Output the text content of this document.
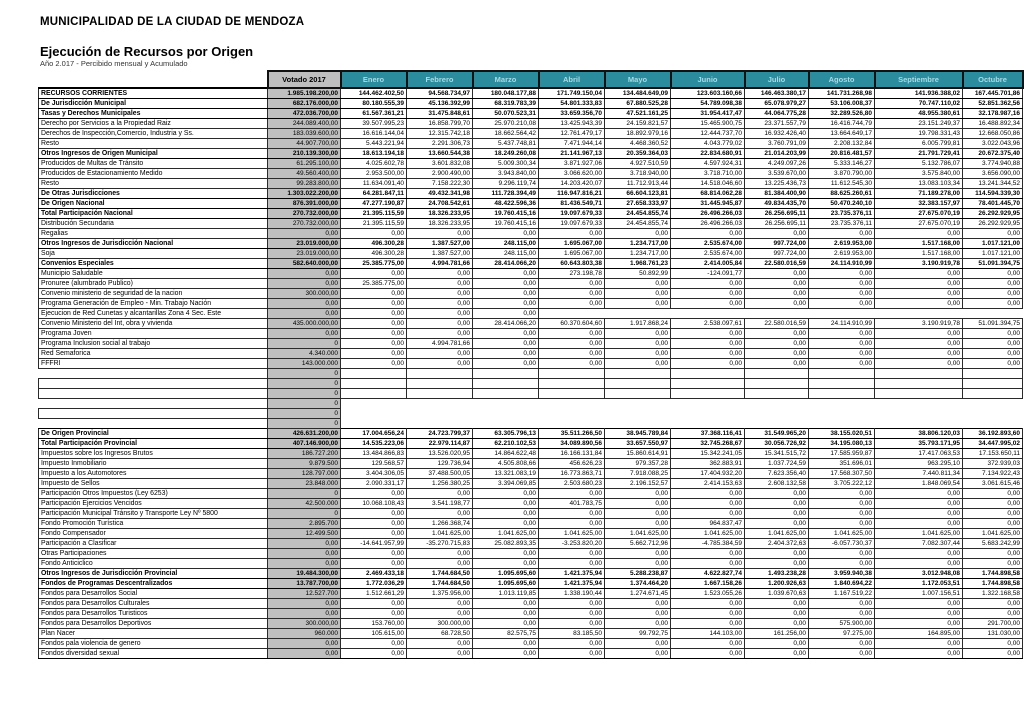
MUNICIPALIDAD DE LA CIUDAD DE MENDOZA
Ejecución de Recursos por Origen
Año 2.017 - Percibido mensual y Acumulado
	Votado 2017	Enero	Febrero	Marzo	Abril	Mayo	Junio	Julio	Agosto	Septiembre	Octubre
RECURSOS CORRIENTES	1.985.198.200,00	144.462.402,50	94.568.734,97	180.048.177,88	171.749.150,04	134.484.649,09	123.603.160,66	146.463.380,17	141.731.268,98	141.936.388,02	167.445.701,86
De Jurisdicción Municipal	682.176.000,00	80.180.555,39	45.136.392,99	68.319.783,39	54.801.333,83	67.880.525,28	54.789.098,38	65.078.979,27	53.106.008,37	70.747.110,02	52.851.362,56
Tasas y Derechos Municipales	472.036.700,00	61.567.361,21	31.475.848,61	50.070.523,31	33.659.356,70	47.521.161,25	31.954.417,47	44.064.775,28	32.289.526,80	48.955.380,61	32.178.987,16
Derecho por Servicios a la Propiedad Raiz	244.089.400,00	39.507.995,23	16.858.799,70	25.970.210,08	13.425.943,39	24.159.821,57	15.465.900,75	23.371.557,79	16.416.744,79	23.151.249,37	16.488.892,34
Derechos de Inspección,Comercio, Industria y Ss.	183.039.600,00	16.616.144,04	12.315.742,18	18.662.564,42	12.761.479,17	18.892.979,16	12.444.737,70	16.932.426,40	13.664.649,17	19.798.331,43	12.668.050,86
Resto	44.907.700,00	5.443.221,94	2.291.306,73	5.437.748,81	7.471.944,14	4.468.360,52	4.043.779,02	3.760.791,09	2.208.132,84	6.005.799,81	3.022.043,96
Otros Ingresos de Origen Municipal	210.139.300,00	18.613.194,18	13.660.544,38	18.249.260,08	21.141.967,13	20.359.364,03	22.834.680,91	21.014.203,99	20.816.481,57	21.791.729,41	20.672.375,40
Producidos de Multas de Tránsito	61.295.100,00	4.025.602,78	3.601.832,08	5.009.300,34	3.871.927,06	4.927.510,59	4.597.924,31	4.249.097,26	5.333.146,27	5.132.786,07	3.774.940,88
Producidos de Estacionamiento Medido	49.560.400,00	2.953.500,00	2.900.490,00	3.943.840,00	3.066.620,00	3.718.940,00	3.718.710,00	3.539.670,00	3.870.790,00	3.575.840,00	3.656.090,00
Resto	99.283.800,00	11.634.091,40	7.158.222,30	9.296.119,74	14.203.420,07	11.712.913,44	14.518.046,60	13.225.436,73	11.612.545,30	13.083.103,34	13.241.344,52
De Otras Jurisdicciones	1.303.022.200,00	64.281.847,11	49.432.341,98	111.728.394,49	116.947.816,21	66.604.123,81	68.814.062,28	81.384.400,90	88.625.260,61	71.189.278,00	114.594.339,30
De Origen Nacional	876.391.000,00	47.277.190,87	24.708.542,61	48.422.596,36	81.436.549,71	27.658.333,97	31.445.945,87	49.834.435,70	50.470.240,10	32.383.157,97	78.401.445,70
Total Participación Nacional	270.732.000,00	21.395.115,59	18.326.233,95	19.760.415,16	19.097.679,33	24.454.855,74	26.496.266,03	26.256.695,11	23.735.376,11	27.675.070,19	26.292.929,95
Distribución Secundaria	270.732.000,00	21.395.115,59	18.326.233,95	19.760.415,16	19.097.679,33	24.454.855,74	26.496.266,03	26.256.695,11	23.735.376,11	27.675.070,19	26.292.929,95
Regalias	0,00	0,00	0,00	0,00	0,00	0,00	0,00	0,00	0,00	0,00	0,00
Otros Ingresos de Jurisdicción Nacional	23.019.000,00	496.300,28	1.387.527,00	248.115,00	1.695.067,00	1.234.717,00	2.535.674,00	997.724,00	2.619.953,00	1.517.168,00	1.017.121,00
Soja	23.019.000,00	496.300,28	1.387.527,00	248.115,00	1.695.067,00	1.234.717,00	2.535.674,00	997.724,00	2.619.953,00	1.517.168,00	1.017.121,00
Convenios Especiales	582.640.000,00	25.385.775,00	4.994.781,66	28.414.066,20	60.643.803,38	1.968.761,23	2.414.005,84	22.580.016,59	24.114.910,99	3.190.919,78	51.091.394,75
Municipio Saludable	0,00	0,00	0,00	0,00	273.198,78	50.892,99	-124.091,77	0,00	0,00	0,00	0,00
Pronuree (alumbrado Publico)	0,00	25.385.775,00	0,00	0,00	0,00	0,00	0,00	0,00	0,00	0,00	0,00
Convenio ministerio de seguridad de la nacion	300.000,00	0,00	0,00	0,00	0,00	0,00	0,00	0,00	0,00	0,00	0,00
Programa Generación de Empleo - Min. Trabajo Nación	0,00	0,00	0,00	0,00	0,00	0,00	0,00	0,00	0,00	0,00	0,00
Ejecucion de Red Cunetas y alcantarillas Zona 4 Sec. Este	0,00	0,00	0,00	0,00							
Convenio Ministerio del Int, obra y vivienda	435.000.000,00	0,00	0,00	28.414.066,20	60.370.604,60	1.917.868,24	2.538.097,61	22.580.016,59	24.114.910,99	3.190.919,78	51.091.394,75
Programa Joven	0,00	0,00	0,00	0,00	0,00	0,00	0,00	0,00	0,00	0,00	0,00
Programa Inclusion social al trabajo	0	0,00	4.994.781,66	0,00	0,00	0,00	0,00	0,00	0,00	0,00	0,00
Red Semaforica	4.340.000	0,00	0,00	0,00	0,00	0,00	0,00	0,00	0,00	0,00	0,00
FFFRI	143.000.000	0,00	0,00	0,00	0,00	0,00	0,00	0,00	0,00	0,00	0,00
	0										
	0										
	0										
	0										
	0										
	0										
De Origen Provincial	426.631.200,00	17.004.656,24	24.723.799,37	63.305.796,13	35.511.266,50	38.945.789,84	37.368.116,41	31.549.965,20	38.155.020,51	38.806.120,03	36.192.893,60
Total Participación Provincial	407.146.900,00	14.535.223,06	22.979.114,87	62.210.102,53	34.089.890,56	33.657.550,97	32.745.268,67	30.056.726,92	34.195.080,13	35.793.171,95	34.447.995,02
Impuestos sobre los Ingresos Brutos	186.727.200	13.484.866,83	13.526.020,95	14.864.622,48	16.166.131,84	15.860.614,91	15.342.241,05	15.341.515,72	17.585.959,87	17.417.063,53	17.153.650,11
Impuesto Inmobiliario	9.879.500	129.568,57	129.736,94	4.505.808,66	456.626,23	979.357,28	362.883,91	1.037.724,59	351.696,01	963.295,10	372.939,03
Impuesto a los Automotores	128.797.000	3.404.306,05	37.488.500,05	13.321.083,19	16.773.863,71	7.918.088,25	17.404.932,20	7.623.356,40	17.568.307,50	7.440.811,34	7.134.922,43
Impuesto de Sellos	23.848.000	2.090.331,17	1.256.380,25	3.394.069,85	2.503.680,23	2.196.152,57	2.414.153,63	2.608.132,58	3.705.222,12	1.848.069,54	3.061.615,46
Participación Otros Impuestos (Ley 6253)	0	0,00	0,00	0,00	0,00	0,00	0,00	0,00	0,00	0,00	0,00
Participación Ejercicios Vencidos	42.500.000	10.068.108,43	3.541.198,77	0,00	401.783,75	0,00	0,00	0,00	0,00	0,00	0,00
Participación Municipal Tránsito y Transporte Ley Nº 5800	0	0,00	0,00	0,00	0,00	0,00	0,00	0,00	0,00	0,00	0,00
Fondo Promoción Turística	2.895.700	0,00	1.266.368,74	0,00	0,00	0,00	964.837,47	0,00	0,00	0,00	0,00
Fondo Compensador	12.499.500	0,00	1.041.625,00	1.041.625,00	1.041.625,00	1.041.625,00	1.041.625,00	1.041.625,00	1.041.625,00	1.041.625,00	1.041.625,00
Participación a Clasificar	0,00	-14.641.957,99	-35.270.715,83	25.082.893,35	-3.253.820,20	5.662.712,96	-4.785.384,59	2.404.372,63	-6.057.730,37	7.082.307,44	5.683.242,99
Otras Participaciones	0,00	0,00	0,00	0,00	0,00	0,00	0,00	0,00	0,00	0,00	0,00
Fondo Anticiclico	0,00	0,00	0,00	0,00	0,00	0,00	0,00	0,00	0,00	0,00	0,00
Otros Ingresos de Jurisdicción Provincial	19.484.300,00	2.469.433,18	1.744.684,50	1.095.695,60	1.421.375,94	5.288.238,87	4.622.827,74	1.493.238,28	3.959.940,38	3.012.948,08	1.744.898,58
Fondos de Programas Descentralizados	13.787.700,00	1.772.036,29	1.744.684,50	1.095.695,60	1.421.375,94	1.374.464,20	1.667.158,26	1.200.926,63	1.840.694,22	1.172.053,51	1.744.898,58
Fondos para Desarrollos Social	12.527.700	1.512.661,29	1.375.956,00	1.013.119,85	1.338.190,44	1.274.671,45	1.523.055,26	1.039.670,63	1.167.519,22	1.007.156,51	1.322.168,58
Fondos para Desarrollos Culturales	0,00	0,00	0,00	0,00	0,00	0,00	0,00	0,00	0,00	0,00	0,00
Fondos para Desarrollos Turisticos	0,00	0,00	0,00	0,00	0,00	0,00	0,00	0,00	0,00	0,00	0,00
Fondos para Desarrollos Deportivos	300.000,00	153.760,00	300.000,00	0,00	0,00	0,00	0,00	0,00	575.900,00	0,00	291.700,00
Plan Nacer	960.000	105.615,00	68.728,50	82.575,75	83.185,50	99.792,75	144.103,00	161.256,00	97.275,00	164.895,00	131.030,00
Fondos pala violencia de genero	0,00	0,00	0,00	0,00	0,00	0,00	0,00	0,00	0,00	0,00	0,00
Fondos diversidad sexual	0,00	0,00	0,00	0,00	0,00	0,00	0,00	0,00	0,00	0,00	0,00
